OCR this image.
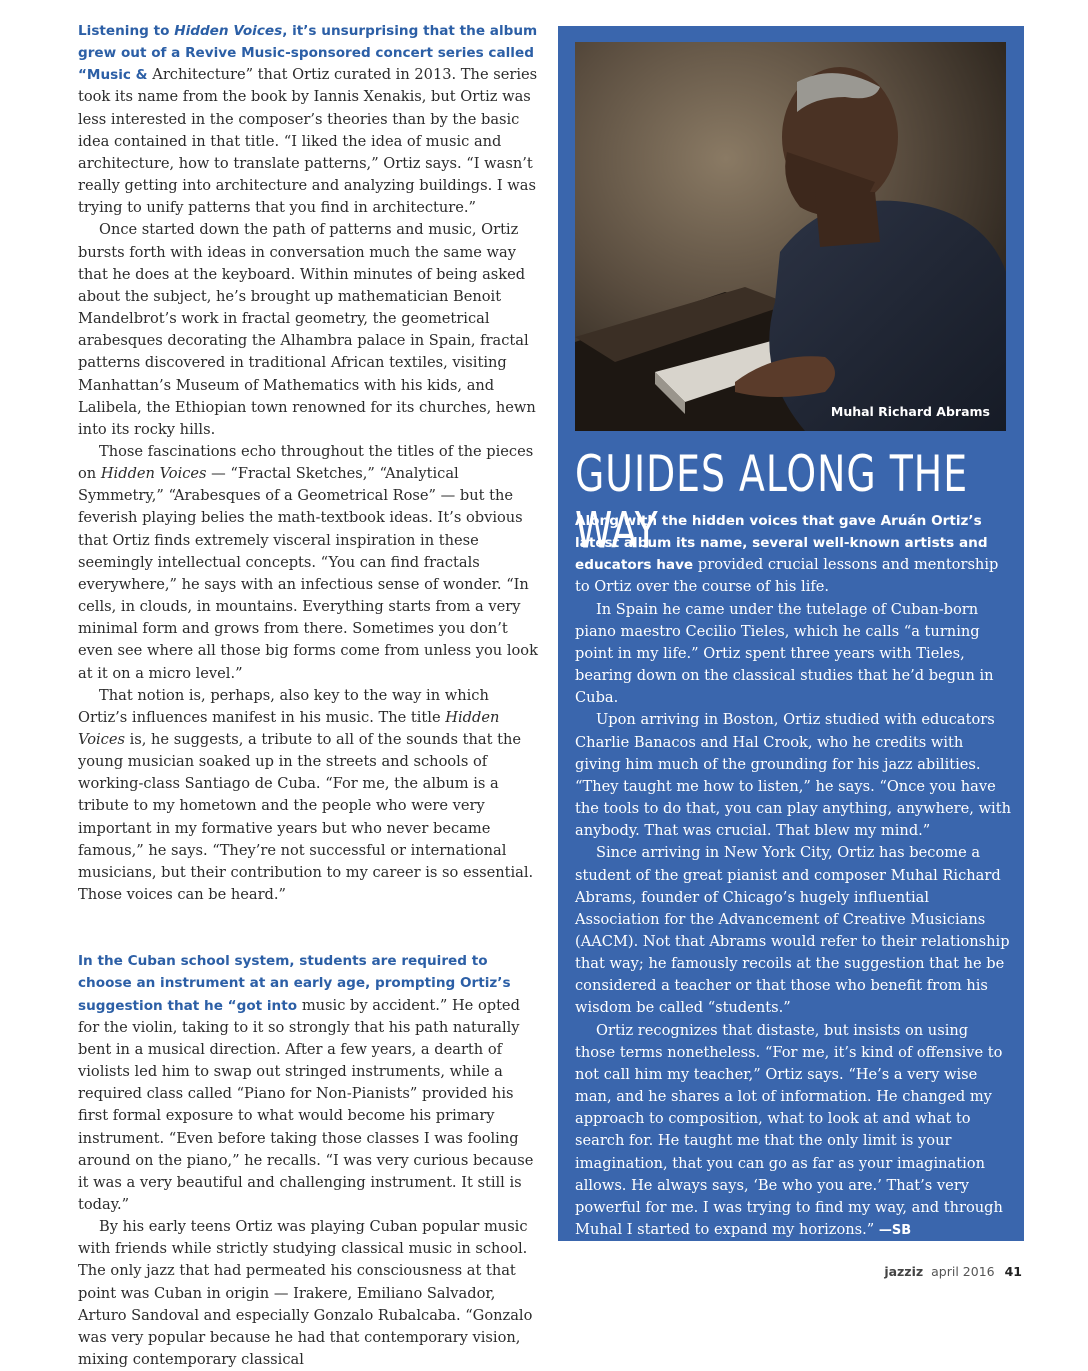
Listening to Hidden Voices, it’s unsurprising that the album grew out of a Revive Music-sponsored concert series called “Music & Architecture” that Ortiz curated in 2013. The series took its name from the book by Iannis Xenakis, but Ortiz was less interested in the composer’s theories than by the basic idea contained in that title. “I liked the idea of music and architecture, how to translate patterns,” Ortiz says. “I wasn’t really getting into architecture and analyzing buildings. I was trying to unify patterns that you find in architecture.”

Once started down the path of patterns and music, Ortiz bursts forth with ideas in conversation much the same way that he does at the keyboard. Within minutes of being asked about the subject, he’s brought up mathematician Benoit Mandelbrot’s work in fractal geometry, the geometrical arabesques decorating the Alhambra palace in Spain, fractal patterns discovered in traditional African textiles, visiting Manhattan’s Museum of Mathematics with his kids, and Lalibela, the Ethiopian town renowned for its churches, hewn into its rocky hills.

Those fascinations echo throughout the titles of the pieces on Hidden Voices — “Fractal Sketches,” “Analytical Symmetry,” “Arabesques of a Geometrical Rose” — but the feverish playing belies the math-textbook ideas. It’s obvious that Ortiz finds extremely visceral inspiration in these seemingly intellectual concepts. “You can find fractals everywhere,” he says with an infectious sense of wonder. “In cells, in clouds, in mountains. Everything starts from a very minimal form and grows from there. Sometimes you don’t even see where all those big forms come from unless you look at it on a micro level.”

That notion is, perhaps, also key to the way in which Ortiz’s influences manifest in his music. The title Hidden Voices is, he suggests, a tribute to all of the sounds that the young musician soaked up in the streets and schools of working-class Santiago de Cuba. “For me, the album is a tribute to my hometown and the people who were very important in my formative years but who never became famous,” he says. “They’re not successful or international musicians, but their contribution to my career is so essential. Those voices can be heard.”

In the Cuban school system, students are required to choose an instrument at an early age, prompting Ortiz’s suggestion that he “got into music by accident.” He opted for the violin, taking to it so strongly that his path naturally bent in a musical direction. After a few years, a dearth of violists led him to swap out stringed instruments, while a required class called “Piano for Non-Pianists” provided his first formal exposure to what would become his primary instrument. “Even before taking those classes I was fooling around on the piano,” he recalls. “I was very curious because it was a very beautiful and challenging instrument. It still is today.”

By his early teens Ortiz was playing Cuban popular music with friends while strictly studying classical music in school. The only jazz that had permeated his consciousness at that point was Cuban in origin — Irakere, Emiliano Salvador, Arturo Sandoval and especially Gonzalo Rubalcaba. “Gonzalo was very popular because he had that contemporary vision, mixing contemporary classical

Muhal Richard Abrams
GUIDES ALONG THE WAY

Along with the hidden voices that gave Aruán Ortiz’s latest album its name, several well-known artists and educators have provided crucial lessons and mentorship to Ortiz over the course of his life.

In Spain he came under the tutelage of Cuban-born piano maestro Cecilio Tieles, which he calls “a turning point in my life.” Ortiz spent three years with Tieles, bearing down on the classical studies that he’d begun in Cuba.

Upon arriving in Boston, Ortiz studied with educators Charlie Banacos and Hal Crook, who he credits with giving him much of the grounding for his jazz abilities. “They taught me how to listen,” he says. “Once you have the tools to do that, you can play anything, anywhere, with anybody. That was crucial. That blew my mind.”

Since arriving in New York City, Ortiz has become a student of the great pianist and composer Muhal Richard Abrams, founder of Chicago’s hugely influential Association for the Advancement of Creative Musicians (AACM). Not that Abrams would refer to their relationship that way; he famously recoils at the suggestion that he be considered a teacher or that those who benefit from his wisdom be called “students.”

Ortiz recognizes that distaste, but insists on using those terms nonetheless. “For me, it’s kind of offensive to not call him my teacher,” Ortiz says. “He’s a very wise man, and he shares a lot of information. He changed my approach to composition, what to look at and what to search for. He taught me that the only limit is your imagination, that you can go as far as your imagination allows. He always says, ‘Be who you are.’ That’s very powerful for me. I was trying to find my way, and through Muhal I started to expand my horizons.” —SB

jazziz april 2016 41
